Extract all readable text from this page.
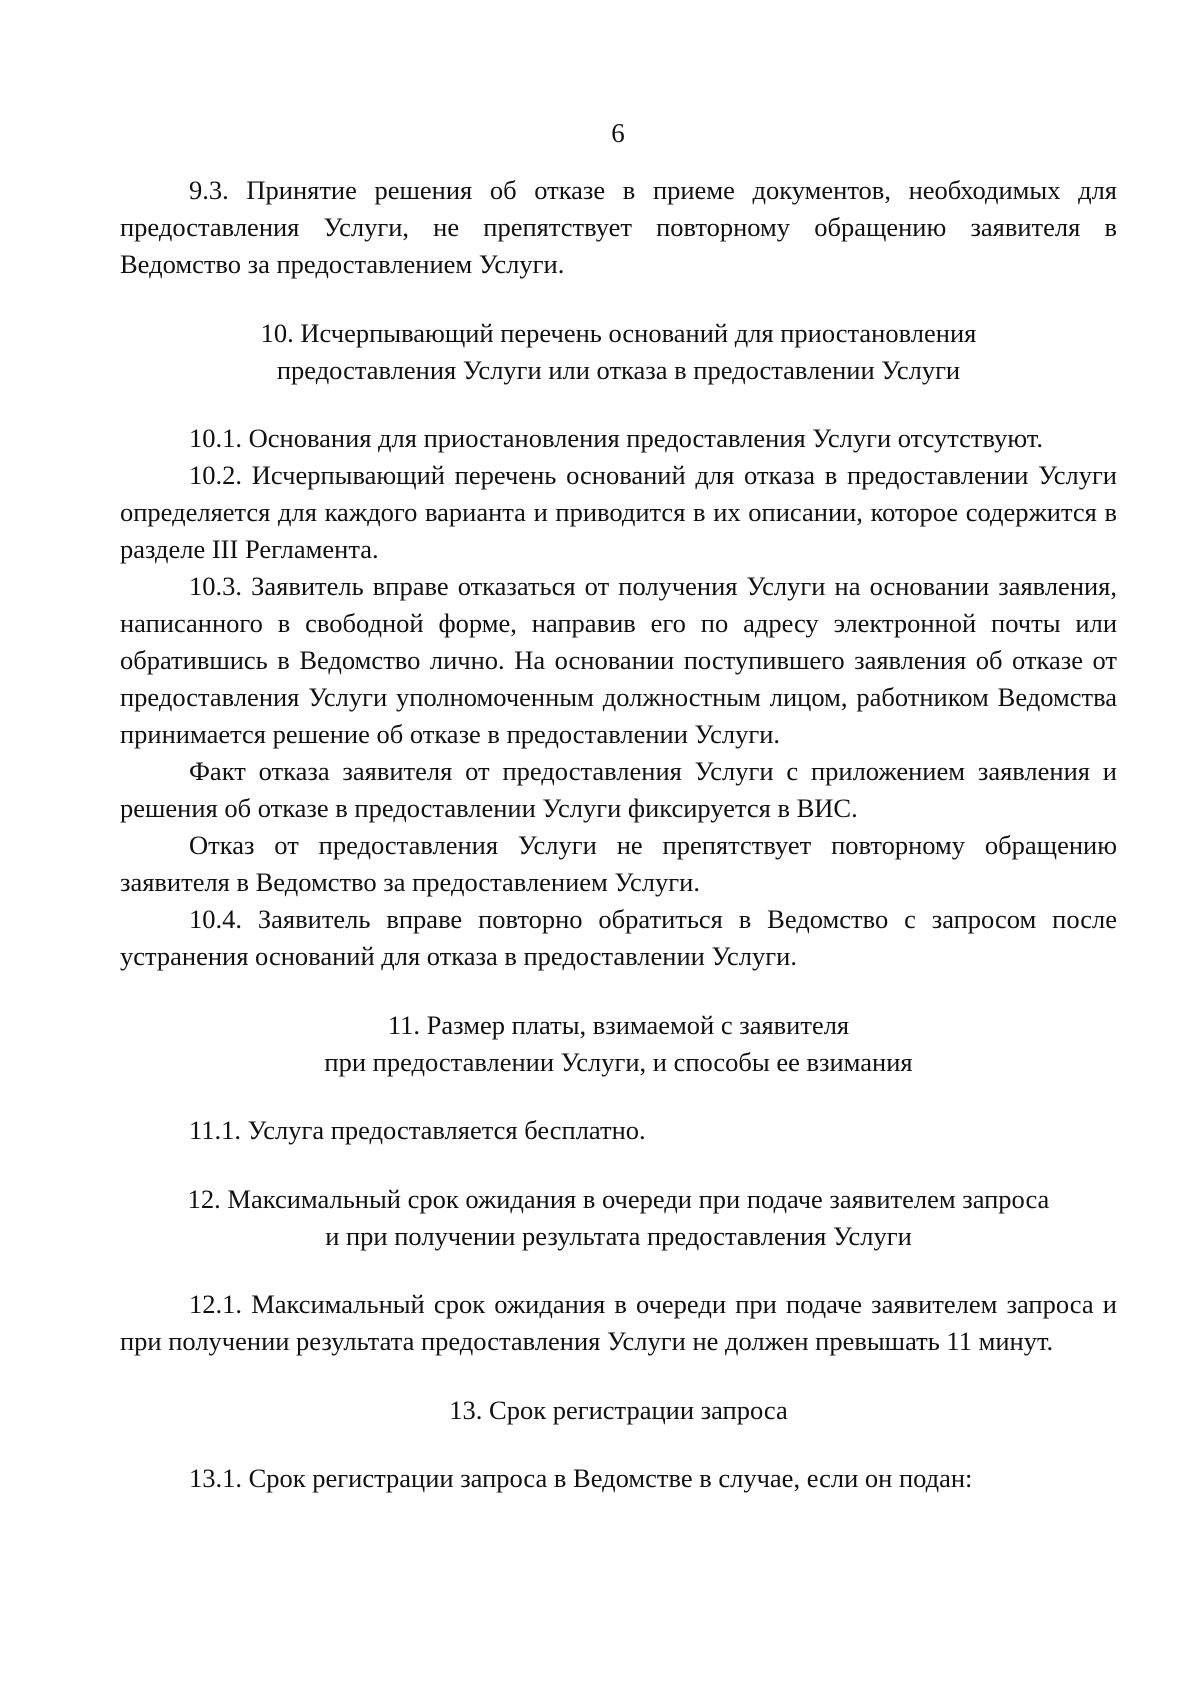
6

9.3. Принятие решения об отказе в приеме документов, необходимых для предоставления Услуги, не препятствует повторному обращению заявителя в Ведомство за предоставлением Услуги.

10. Исчерпывающий перечень оснований для приостановления

предоставления Услуги или отказа в предоставлении Услуги

10.1. Основания для приостановления предоставления Услуги отсутствуют.

10.2. Исчерпывающий перечень оснований для отказа в предоставлении Услуги определяется для каждого варианта и приводится в их описании, которое содержится в разделе III Регламента.

10.3. Заявитель вправе отказаться от получения Услуги на основании заявления, написанного в свободной форме, направив его по адресу электронной почты или обратившись в Ведомство лично. На основании поступившего заявления об отказе от предоставления Услуги уполномоченным должностным лицом, работником Ведомства принимается решение об отказе в предоставлении Услуги.

Факт отказа заявителя от предоставления Услуги с приложением заявления и решения об отказе в предоставлении Услуги фиксируется в ВИС.

Отказ от предоставления Услуги не препятствует повторному обращению заявителя в Ведомство за предоставлением Услуги.

10.4. Заявитель вправе повторно обратиться в Ведомство с запросом после устранения оснований для отказа в предоставлении Услуги.

11. Размер платы, взимаемой с заявителя

при предоставлении Услуги, и способы ее взимания

11.1. Услуга предоставляется бесплатно.

12. Максимальный срок ожидания в очереди при подаче заявителем запроса

и при получении результата предоставления Услуги

12.1. Максимальный срок ожидания в очереди при подаче заявителем запроса и при получении результата предоставления Услуги не должен превышать 11 минут.

13. Срок регистрации запроса

13.1. Срок регистрации запроса в Ведомстве в случае, если он подан:
